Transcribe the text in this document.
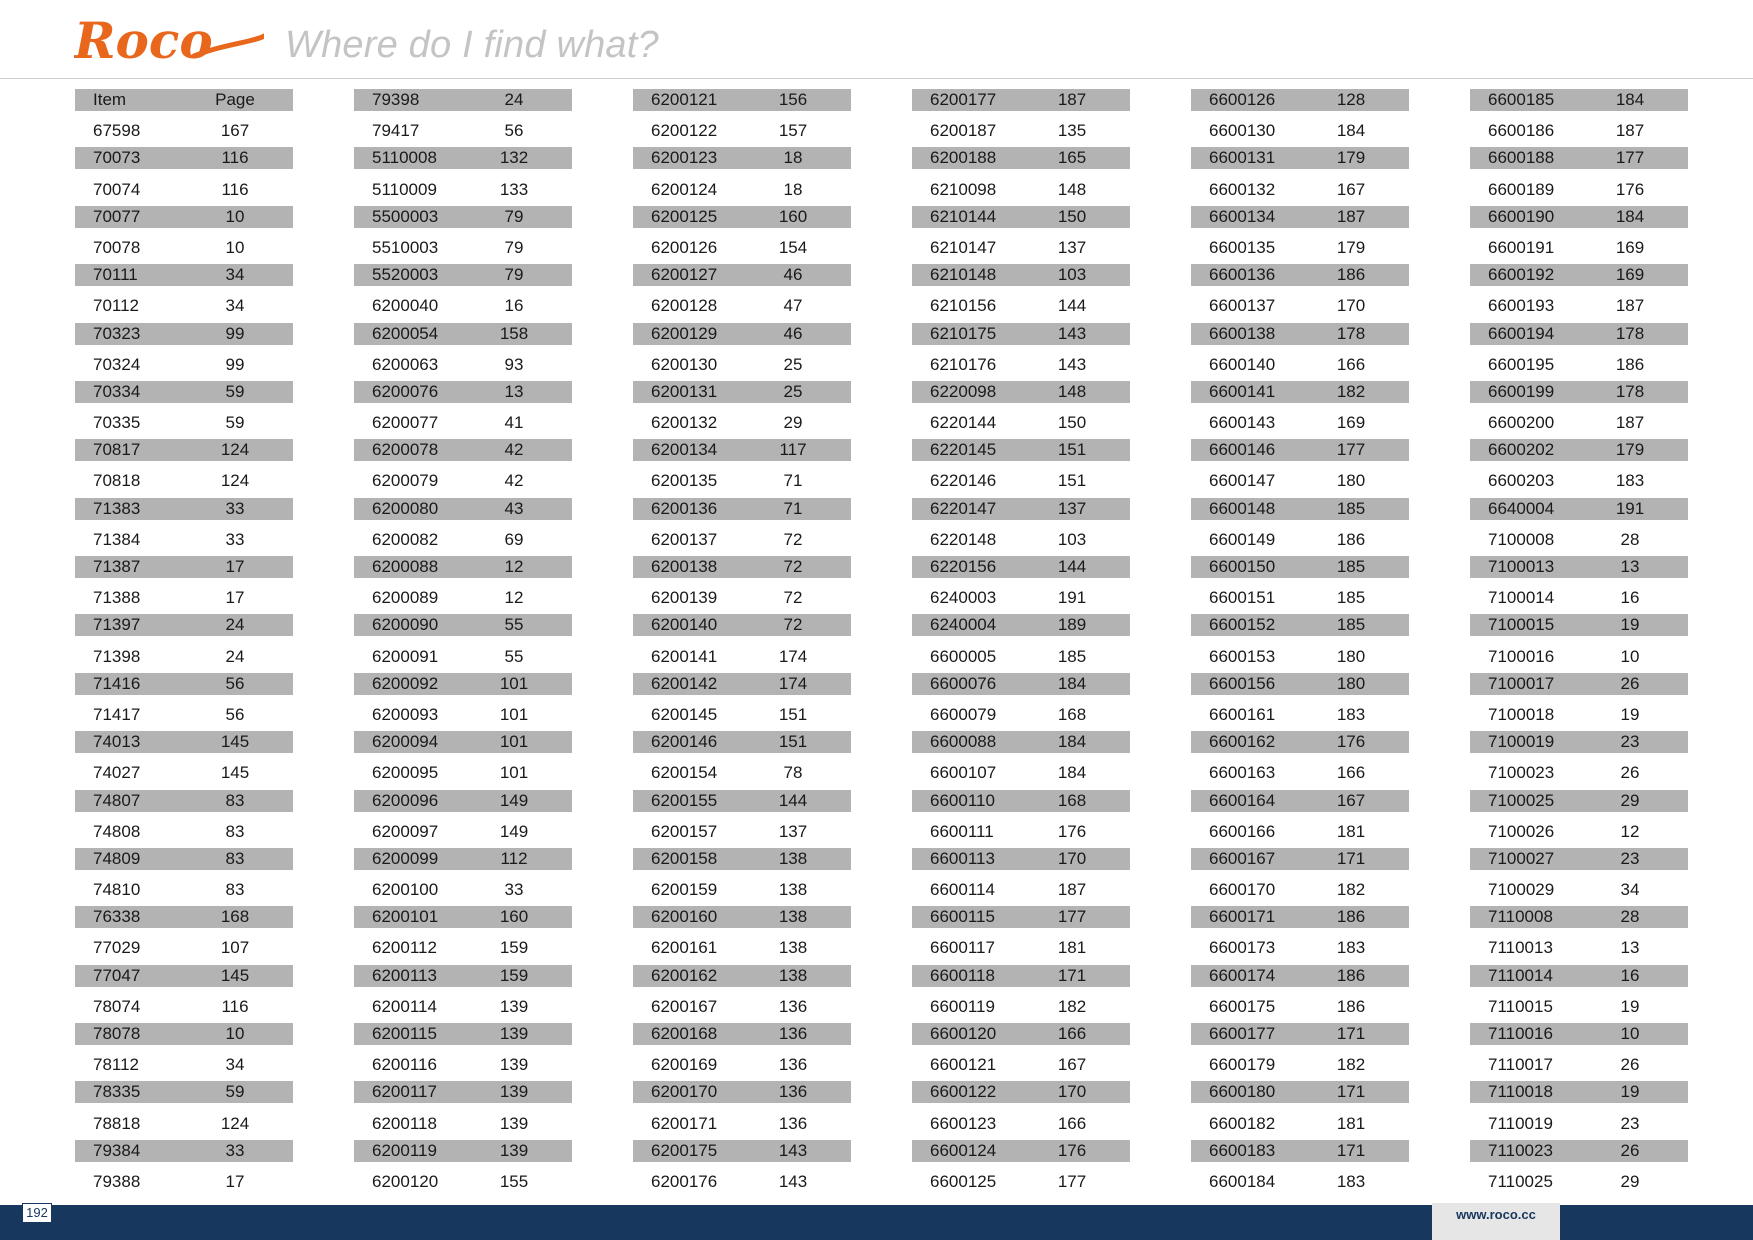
Roco Where do I find what?
Item	Page
67598	167
70073	116
70074	116
70077	10
70078	10
70111	34
70112	34
70323	99
70324	99
70334	59
70335	59
70817	124
70818	124
71383	33
71384	33
71387	17
71388	17
71397	24
71398	24
71416	56
71417	56
74013	145
74027	145
74807	83
74808	83
74809	83
74810	83
76338	168
77029	107
77047	145
78074	116
78078	10
78112	34
78335	59
78818	124
79384	33
79388	17
79398	24
79417	56
5110008	132
5110009	133
5500003	79
5510003	79
5520003	79
6200040	16
6200054	158
6200063	93
6200076	13
6200077	41
6200078	42
6200079	42
6200080	43
6200082	69
6200088	12
6200089	12
6200090	55
6200091	55
6200092	101
6200093	101
6200094	101
6200095	101
6200096	149
6200097	149
6200099	112
6200100	33
6200101	160
6200112	159
6200113	159
6200114	139
6200115	139
6200116	139
6200117	139
6200118	139
6200119	139
6200120	155
6200121	156
6200122	157
6200123	18
6200124	18
6200125	160
6200126	154
6200127	46
6200128	47
6200129	46
6200130	25
6200131	25
6200132	29
6200134	117
6200135	71
6200136	71
6200137	72
6200138	72
6200139	72
6200140	72
6200141	174
6200142	174
6200145	151
6200146	151
6200154	78
6200155	144
6200157	137
6200158	138
6200159	138
6200160	138
6200161	138
6200162	138
6200167	136
6200168	136
6200169	136
6200170	136
6200171	136
6200175	143
6200176	143
6200177	187
6200187	135
6200188	165
6210098	148
6210144	150
6210147	137
6210148	103
6210156	144
6210175	143
6210176	143
6220098	148
6220144	150
6220145	151
6220146	151
6220147	137
6220148	103
6220156	144
6240003	191
6240004	189
6600005	185
6600076	184
6600079	168
6600088	184
6600107	184
6600110	168
6600111	176
6600113	170
6600114	187
6600115	177
6600117	181
6600118	171
6600119	182
6600120	166
6600121	167
6600122	170
6600123	166
6600124	176
6600125	177
6600126	128
6600130	184
6600131	179
6600132	167
6600134	187
6600135	179
6600136	186
6600137	170
6600138	178
6600140	166
6600141	182
6600143	169
6600146	177
6600147	180
6600148	185
6600149	186
6600150	185
6600151	185
6600152	185
6600153	180
6600156	180
6600161	183
6600162	176
6600163	166
6600164	167
6600166	181
6600167	171
6600170	182
6600171	186
6600173	183
6600174	186
6600175	186
6600177	171
6600179	182
6600180	171
6600182	181
6600183	171
6600184	183
6600185	184
6600186	187
6600188	177
6600189	176
6600190	184
6600191	169
6600192	169
6600193	187
6600194	178
6600195	186
6600199	178
6600200	187
6600202	179
6600203	183
6640004	191
7100008	28
7100013	13
7100014	16
7100015	19
7100016	10
7100017	26
7100018	19
7100019	23
7100023	26
7100025	29
7100026	12
7100027	23
7100029	34
7110008	28
7110013	13
7110014	16
7110015	19
7110016	10
7110017	26
7110018	19
7110019	23
7110023	26
7110025	29
192	www.roco.cc
